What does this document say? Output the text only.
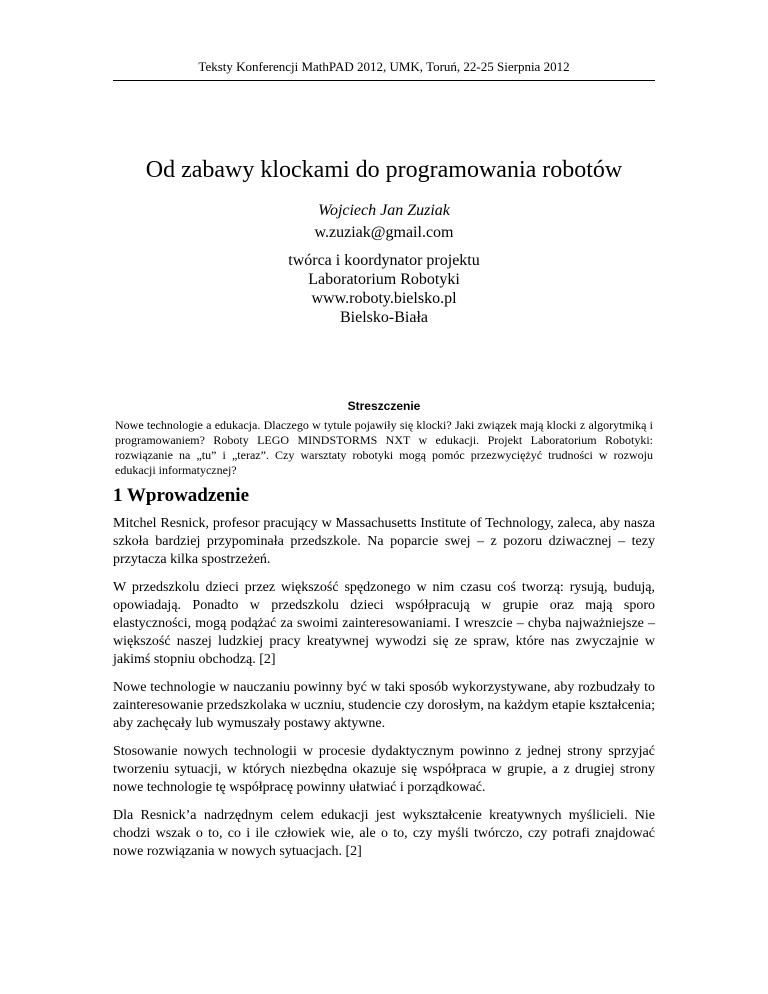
Teksty Konferencji MathPAD 2012, UMK, Toruń, 22-25 Sierpnia 2012
Od zabawy klockami do programowania robotów
Wojciech Jan Zuziak
w.zuziak@gmail.com
twórca i koordynator projektu
Laboratorium Robotyki
www.roboty.bielsko.pl
Bielsko-Biała
Streszczenie

Nowe technologie a edukacja. Dlaczego w tytule pojawiły się klocki? Jaki związek mają klocki z algorytmiką i programowaniem? Roboty LEGO MINDSTORMS NXT w edukacji. Projekt Laboratorium Robotyki: rozwiązanie na „tu” i „teraz”. Czy warsztaty robotyki mogą pomóc przezwyciężyć trudności w rozwoju edukacji informatycznej?

1 Wprowadzenie

Mitchel Resnick, profesor pracujący w Massachusetts Institute of Technology, zaleca, aby nasza szkoła bardziej przypominała przedszkole. Na poparcie swej – z pozoru dziwacznej – tezy przytacza kilka spostrzeżeń.

W przedszkolu dzieci przez większość spędzonego w nim czasu coś tworzą: rysują, budują, opowiadają. Ponadto w przedszkolu dzieci współpracują w grupie oraz mają sporo elastyczności, mogą podążać za swoimi zainteresowaniami. I wreszcie – chyba najważniejsze – większość naszej ludzkiej pracy kreatywnej wywodzi się ze spraw, które nas zwyczajnie w jakimś stopniu obchodzą. [2]

Nowe technologie w nauczaniu powinny być w taki sposób wykorzystywane, aby rozbudzały to zainteresowanie przedszkolaka w uczniu, studencie czy dorosłym, na każdym etapie kształcenia; aby zachęcały lub wymuszały postawy aktywne.

Stosowanie nowych technologii w procesie dydaktycznym powinno z jednej strony sprzyjać tworzeniu sytuacji, w których niezbędna okazuje się współpraca w grupie, a z drugiej strony nowe technologie tę współpracę powinny ułatwiać i porządkować.

Dla Resnick’a nadrzędnym celem edukacji jest wykształcenie kreatywnych myślicieli. Nie chodzi wszak o to, co i ile człowiek wie, ale o to, czy myśli twórczo, czy potrafi znajdować nowe rozwiązania w nowych sytuacjach. [2]
